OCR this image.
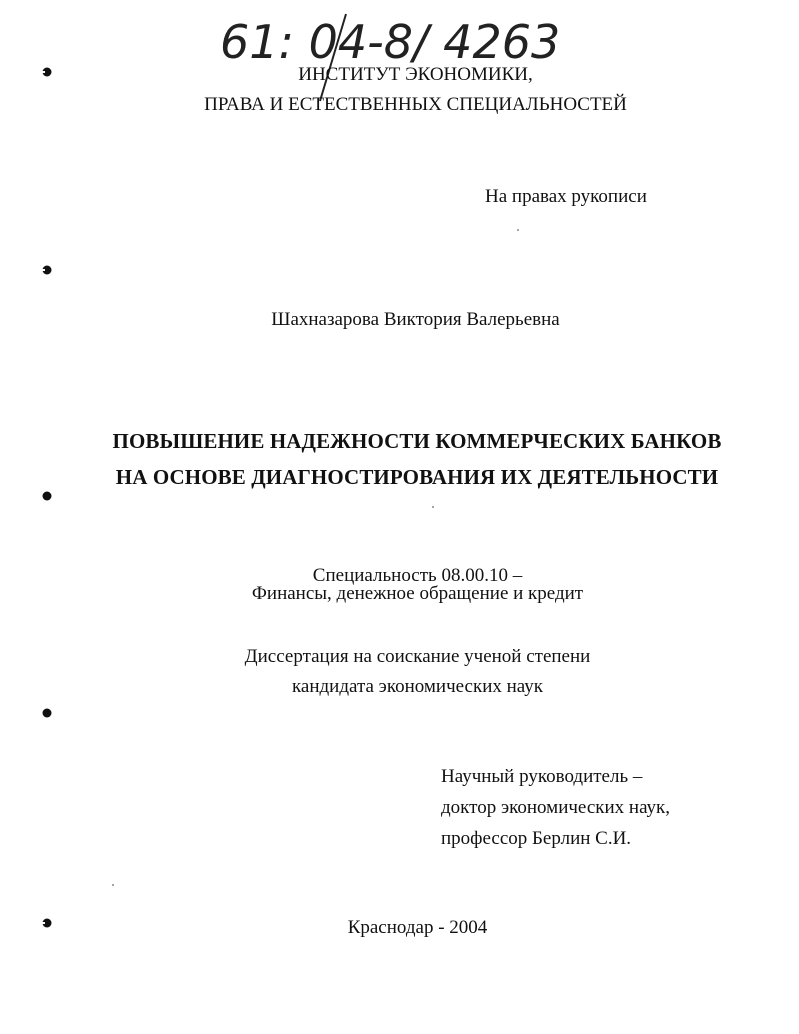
61: 04-8/ 4263
ИНСТИТУТ ЭКОНОМИКИ,
ПРАВА И ЕСТЕСТВЕННЫХ СПЕЦИАЛЬНОСТЕЙ
На правах рукописи
Шахназарова Виктория Валерьевна
ПОВЫШЕНИЕ НАДЕЖНОСТИ КОММЕРЧЕСКИХ БАНКОВ
НА ОСНОВЕ ДИАГНОСТИРОВАНИЯ ИХ ДЕЯТЕЛЬНОСТИ
Специальность 08.00.10 –
Финансы, денежное обращение и кредит
Диссертация на соискание ученой степени
кандидата экономических наук
Научный руководитель –
доктор экономических наук,
профессор Берлин С.И.
Краснодар - 2004
